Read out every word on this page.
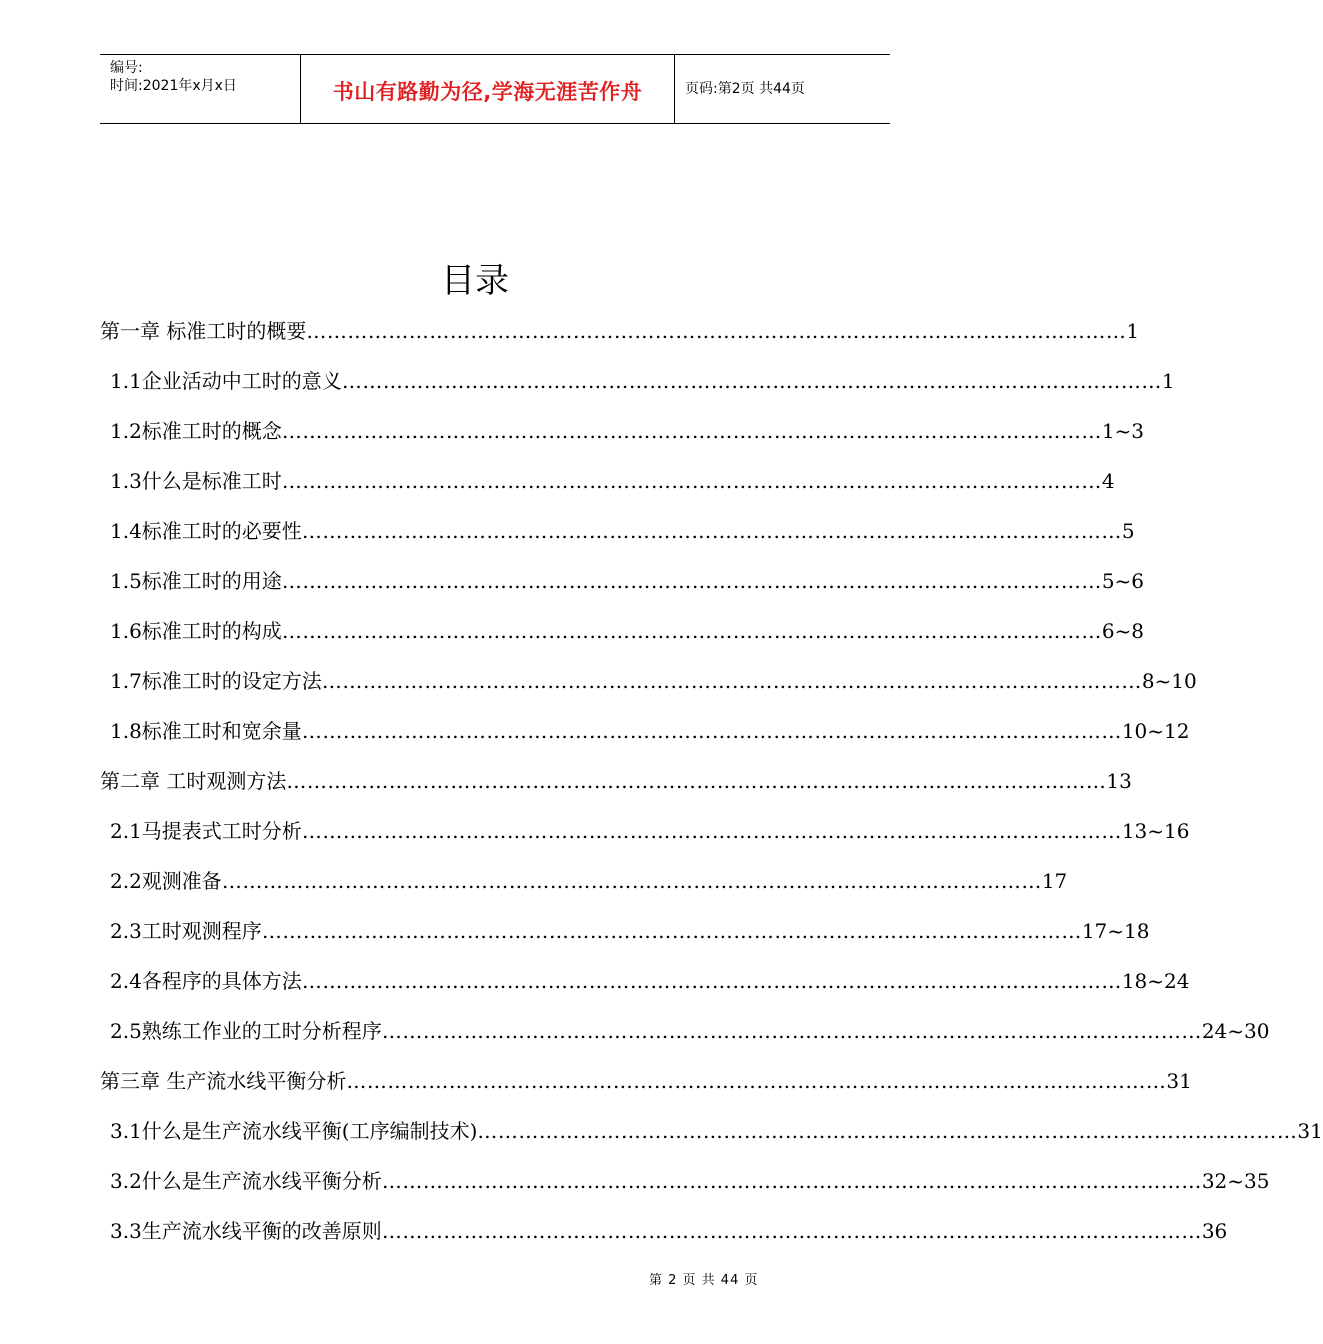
编号:
时间:2021年x月x日	书山有路勤为径,学海无涯苦作舟	页码:第2页 共44页
目录
第一章 标准工时的概要 ………………………………………………………………………………………………………… 1
1.1企业活动中工时的意义 ………………………………………………………………………………………………………… 1
1.2标准工时的概念 ………………………………………………………………………………………………………… 1~3
1.3什么是标准工时 ………………………………………………………………………………………………………… 4
1.4标准工时的必要性 ………………………………………………………………………………………………………… 5
1.5标准工时的用途 ………………………………………………………………………………………………………… 5~6
1.6标准工时的构成 ………………………………………………………………………………………………………… 6~8
1.7标准工时的设定方法 ………………………………………………………………………………………………………… 8~10
1.8标准工时和宽余量 ………………………………………………………………………………………………………… 10~12
第二章 工时观测方法 ………………………………………………………………………………………………………… 13
2.1马提表式工时分析 ………………………………………………………………………………………………………… 13~16
2.2观测准备 ………………………………………………………………………………………………………… 17
2.3工时观测程序 ………………………………………………………………………………………………………… 17~18
2.4各程序的具体方法 ………………………………………………………………………………………………………… 18~24
2.5熟练工作业的工时分析程序 ………………………………………………………………………………………………………… 24~30
第三章 生产流水线平衡分析 ………………………………………………………………………………………………………… 31
3.1什么是生产流水线平衡(工序编制技术) ………………………………………………………………………………………………………… 31
3.2什么是生产流水线平衡分析 ………………………………………………………………………………………………………… 32~35
3.3生产流水线平衡的改善原则 ………………………………………………………………………………………………………… 36
第 2 页 共 44 页
